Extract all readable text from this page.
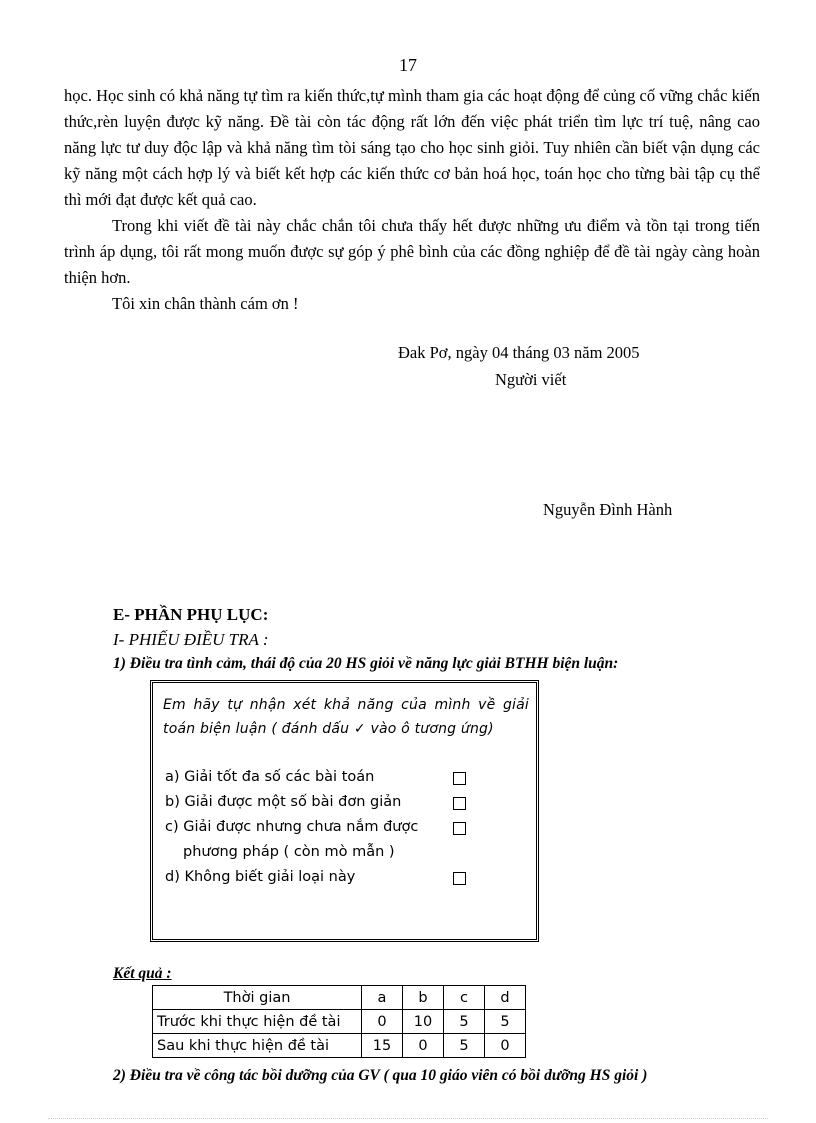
17

học. Học sinh có khả năng tự tìm ra kiến thức,tự mình tham gia các hoạt động để củng cố vững chắc kiến thức,rèn luyện được kỹ năng. Đề tài còn tác động rất lớn đến việc phát triển tìm lực trí tuệ, nâng cao năng lực tư duy độc lập và khả năng tìm tòi sáng tạo cho học sinh giỏi. Tuy nhiên cần biết vận dụng các kỹ năng một cách hợp lý và biết kết hợp các kiến thức cơ bản hoá học, toán học cho từng bài tập cụ thể thì mới đạt được kết quả cao.

Trong khi viết đề tài này chắc chắn tôi chưa thấy hết được những ưu điểm và tồn tại trong tiến trình áp dụng, tôi rất mong muốn được sự góp ý phê bình của các đồng nghiệp để đề tài ngày càng hoàn thiện hơn.

Tôi xin chân thành cám ơn !

Đak Pơ, ngày 04 tháng 03 năm 2005
Người viết
Nguyễn Đình Hành
E- PHẦN PHỤ LỤC:
I- PHIẾU ĐIỀU TRA :
1) Điều tra tình cảm, thái độ của 20 HS giỏi về năng lực giải BTHH biện luận:
Em hãy tự nhận xét khả năng của mình về giải toán biện luận ( đánh dấu ✓ vào ô tương ứng)
a) Giải tốt đa số các bài toán
b) Giải được một số bài đơn giản
c) Giải được nhưng chưa nắm được
phương pháp ( còn mò mẫn )
d) Không biết giải loại này
Kết quả :
Thời gian	a	b	c	d
Trước khi thực hiện đề tài	0	10	5	5
Sau khi thực hiện đề tài	15	0	5	0
2) Điều tra về công tác bồi dưỡng của GV ( qua 10 giáo viên có bồi dưỡng HS giỏi )
